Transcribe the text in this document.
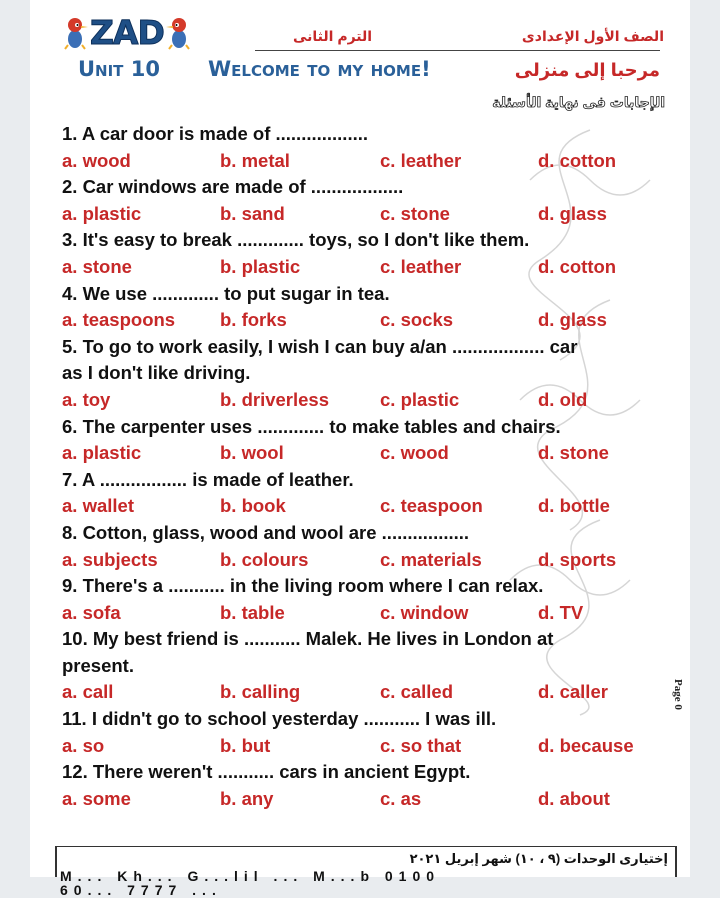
ZAD	الترم الثانى	الصف الأول الإعدادى
Unit 10 Welcome to my home!	مرحبا إلى منزلى
الإجابات فى نهاية الأسئلة
1. A car door is made of ..................
a. wood	b. metal	c. leather	d. cotton
2. Car windows are made of ..................
a. plastic	b. sand	c. stone	d. glass
3. It's easy to break ............. toys, so I don't like them.
a. stone	b. plastic	c. leather	d. cotton
4. We use ............. to put sugar in tea.
a. teaspoons b. forks	c. socks	d. glass
5. To go to work easily, I wish I can buy a/an .................. car
as I don't like driving.
a. toy	b. driverless	c. plastic	d. old
6. The carpenter uses ............. to make tables and chairs.
a. plastic	b. wool	c. wood	d. stone
7. A ................. is made of leather.
a. wallet	b. book	c. teaspoon	d. bottle
8. Cotton, glass, wood and wool are .................
a. subjects	b. colours	c. materials	d. sports
9. There's a ........... in the living room where I can relax.
a. sofa	b. table	c. window	d. TV
10. My best friend is ........... Malek. He lives in London at
present.
a. call	b. calling	c. called	d. caller
11. I didn't go to school yesterday ........... I was ill.
a. so	b. but	c. so that	d. because
12. There weren't ........... cars in ancient Egypt.
a. some	b. any	c. as	d. about
Page 0
إختيارى الوحدات (٩ ، ١٠) شهر إبريل ٢٠٢١
M... Kh... G...lil ... M...b 0100 60... 7777 ...
